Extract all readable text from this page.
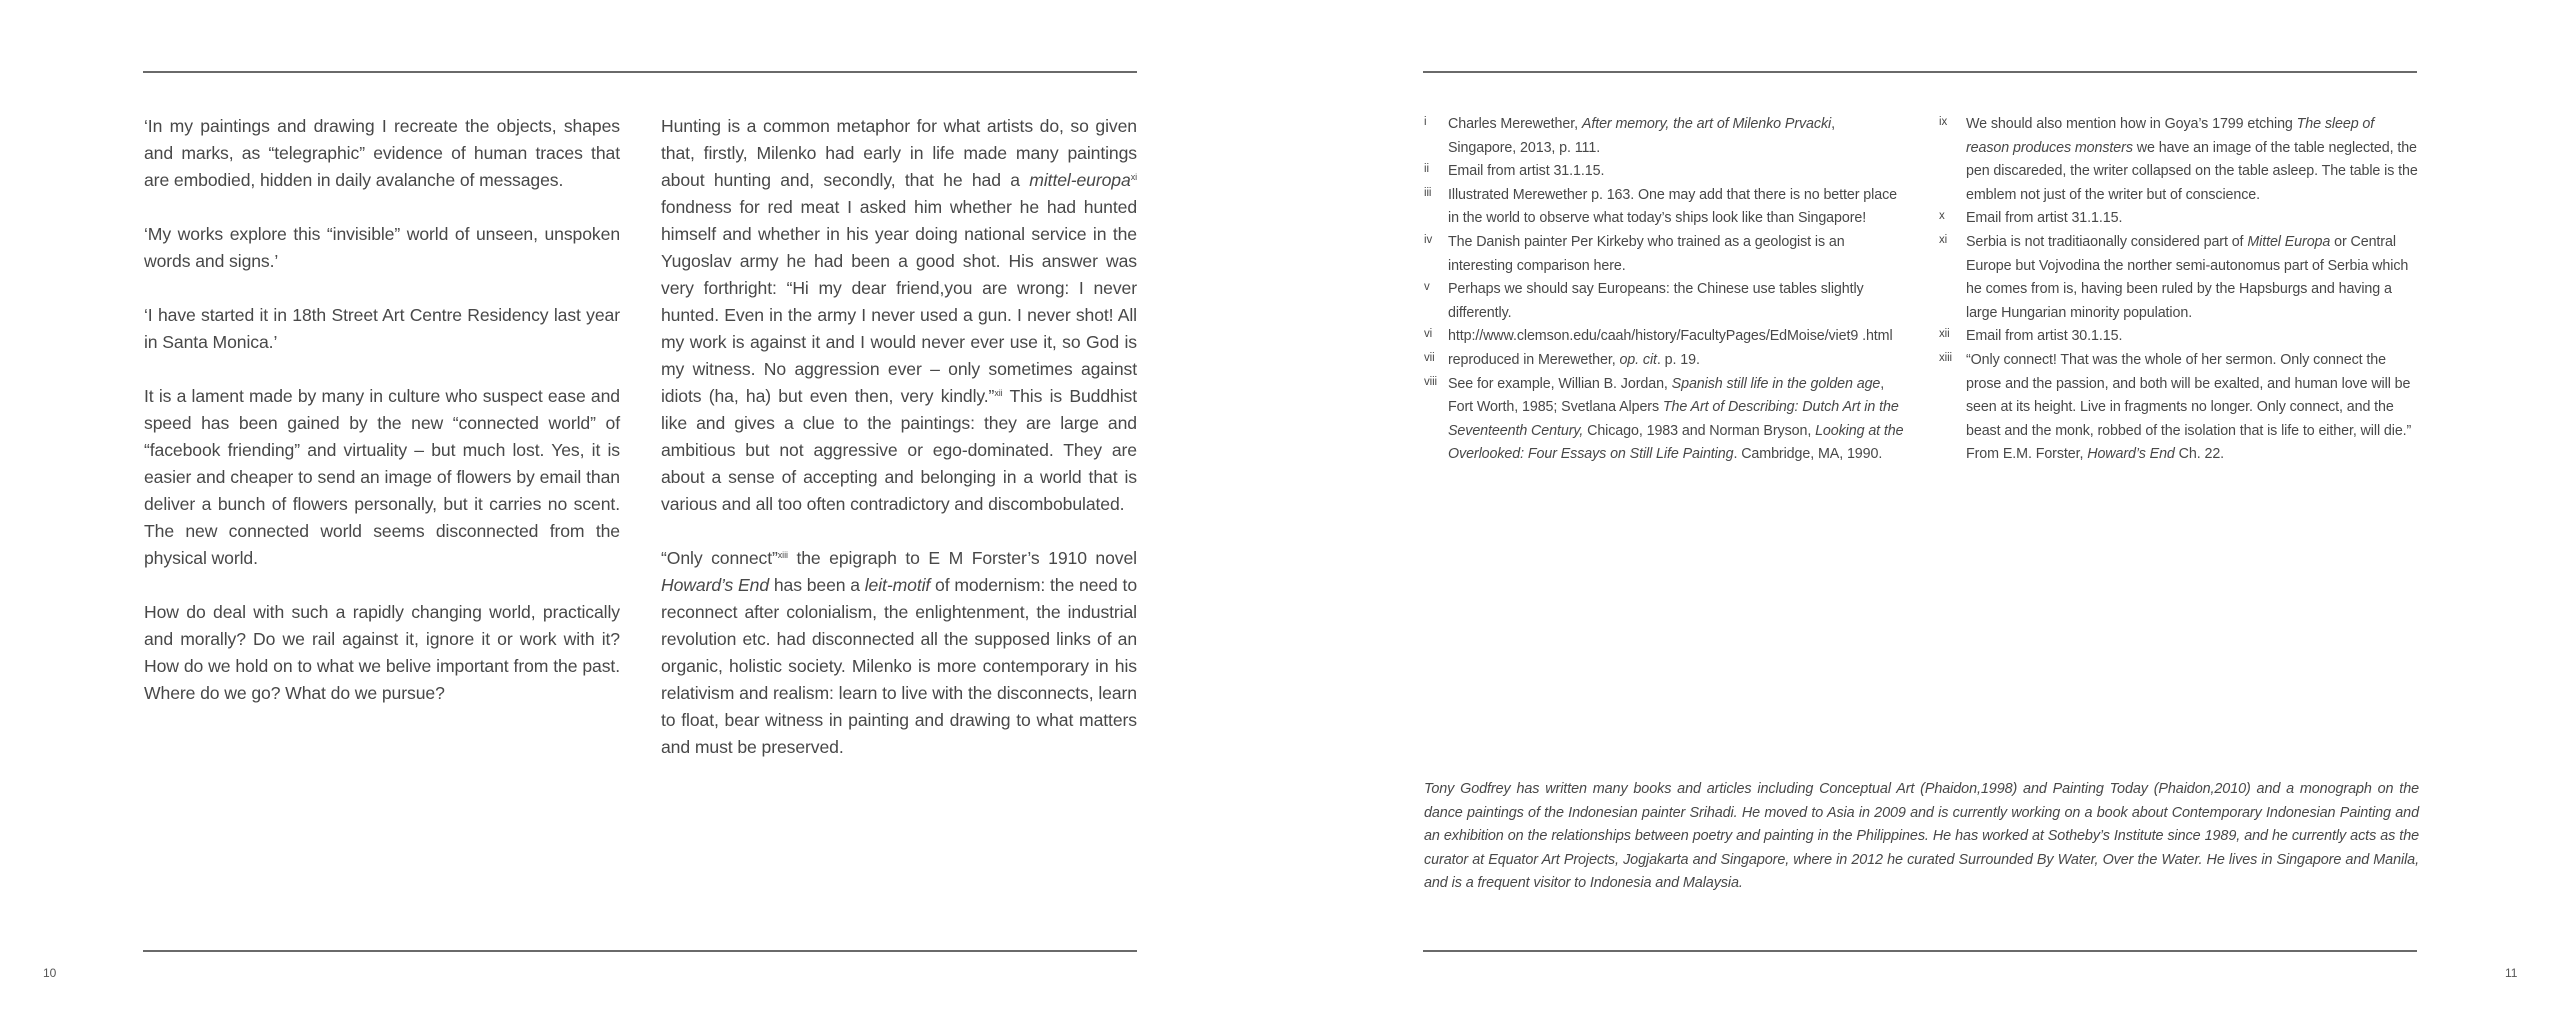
10

‘In my paintings and drawing I recreate the objects, shapes and marks, as “telegraphic” evidence of human traces that are embodied, hidden in daily avalanche of messages.

‘My works explore this “invisible” world of unseen, unspoken words and signs.’

‘I have started it in 18th Street Art Centre Residency last year in Santa Monica.’

It is a lament made by many in culture who suspect ease and speed has been gained by the new “connected world” of “facebook friending” and virtuality – but much lost. Yes, it is easier and cheaper to send an image of flowers by email than deliver a bunch of flowers personally, but it carries no scent. The new connected world seems disconnected from the physical world.

How do deal with such a rapidly changing world, practically and morally? Do we rail against it, ignore it or work with it? How do we hold on to what we belive important from the past. Where do we go? What do we pursue?

Hunting is a common metaphor for what artists do, so given that, firstly, Milenko had early in life made many paintings about hunting and, secondly, that he had a mittel-europa$^{xi}$ fondness for red meat I asked him whether he had hunted himself and whether in his year doing national service in the Yugoslav army he had been a good shot. His answer was very forthright: “Hi my dear friend,you are wrong: I never hunted. Even in the army I never used a gun. I never shot! All my work is against it and I would never ever use it, so God is my witness. No aggression ever – only sometimes against idiots (ha, ha) but even then, very kindly.”$^{xii}$ This is Buddhist like and gives a clue to the paintings: they are large and ambitious but not aggressive or ego-dominated. They are about a sense of accepting and belonging in a world that is various and all too often contradictory and discombobulated.

“Only connect”$^{xiii}$ the epigraph to E M Forster’s 1910 novel Howard’s End has been a leit-motif of modernism: the need to reconnect after colonialism, the enlightenment, the industrial revolution etc. had disconnected all the supposed links of an organic, holistic society. Milenko is more contemporary in his relativism and realism: learn to live with the disconnects, learn to float, bear witness in painting and drawing to what matters and must be preserved.

11
i Charles Merewether, After memory, the art of Milenko Prvacki, Singapore, 2013, p. 111.
ii Email from artist 31.1.15.
iii Illustrated Merewether p. 163. One may add that there is no better place in the world to observe what today’s ships look like than Singapore!
iv The Danish painter Per Kirkeby who trained as a geologist is an interesting comparison here.
v Perhaps we should say Europeans: the Chinese use tables slightly differently.
vi http://www.clemson.edu/caah/history/FacultyPages/EdMoise/viet9 .html
vii reproduced in Merewether, op. cit. p. 19.
viii See for example, Willian B. Jordan, Spanish still life in the golden age, Fort Worth, 1985; Svetlana Alpers The Art of Describing: Dutch Art in the Seventeenth Century, Chicago, 1983 and Norman Bryson, Looking at the Overlooked: Four Essays on Still Life Painting. Cambridge, MA, 1990.
ix We should also mention how in Goya’s 1799 etching The sleep of reason produces monsters we have an image of the table neglected, the pen discareded, the writer collapsed on the table asleep. The table is the emblem not just of the writer but of conscience.
x Email from artist 31.1.15.
xi Serbia is not traditiaonally considered part of Mittel Europa or Central Europe but Vojvodina the norther semi-autonomus part of Serbia which he comes from is, having been ruled by the Hapsburgs and having a large Hungarian minority population.
xii Email from artist 30.1.15.
xiii “Only connect! That was the whole of her sermon. Only connect the prose and the passion, and both will be exalted, and human love will be seen at its height. Live in fragments no longer. Only connect, and the beast and the monk, robbed of the isolation that is life to either, will die.” From E.M. Forster, Howard’s End Ch. 22.
Tony Godfrey has written many books and articles including Conceptual Art (Phaidon,1998) and Painting Today (Phaidon,2010) and a monograph on the dance paintings of the Indonesian painter Srihadi. He moved to Asia in 2009 and is currently working on a book about Contemporary Indonesian Painting and an exhibition on the relationships between poetry and painting in the Philippines. He has worked at Sotheby’s Institute since 1989, and he currently acts as the curator at Equator Art Projects, Jogjakarta and Singapore, where in 2012 he curated Surrounded By Water, Over the Water. He lives in Singapore and Manila, and is a frequent visitor to Indonesia and Malaysia.
